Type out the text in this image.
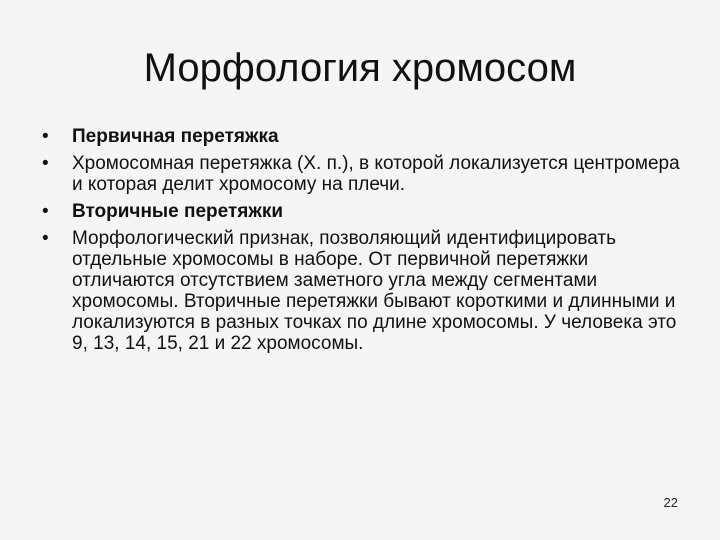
Морфология хромосом
•	Первичная перетяжка
•	Хромосомная перетяжка (Х. п.), в которой локализуется центромера и которая делит хромосому на плечи.
•	Вторичные перетяжки
•	Морфологический признак, позволяющий идентифицировать отдельные хромосомы в наборе. От первичной перетяжки отличаются отсутствием заметного угла между сегментами хромосомы. Вторичные перетяжки бывают короткими и длинными и локализуются в разных точках по длине хромосомы. У человека это 9, 13, 14, 15, 21 и 22 хромосомы.
22
